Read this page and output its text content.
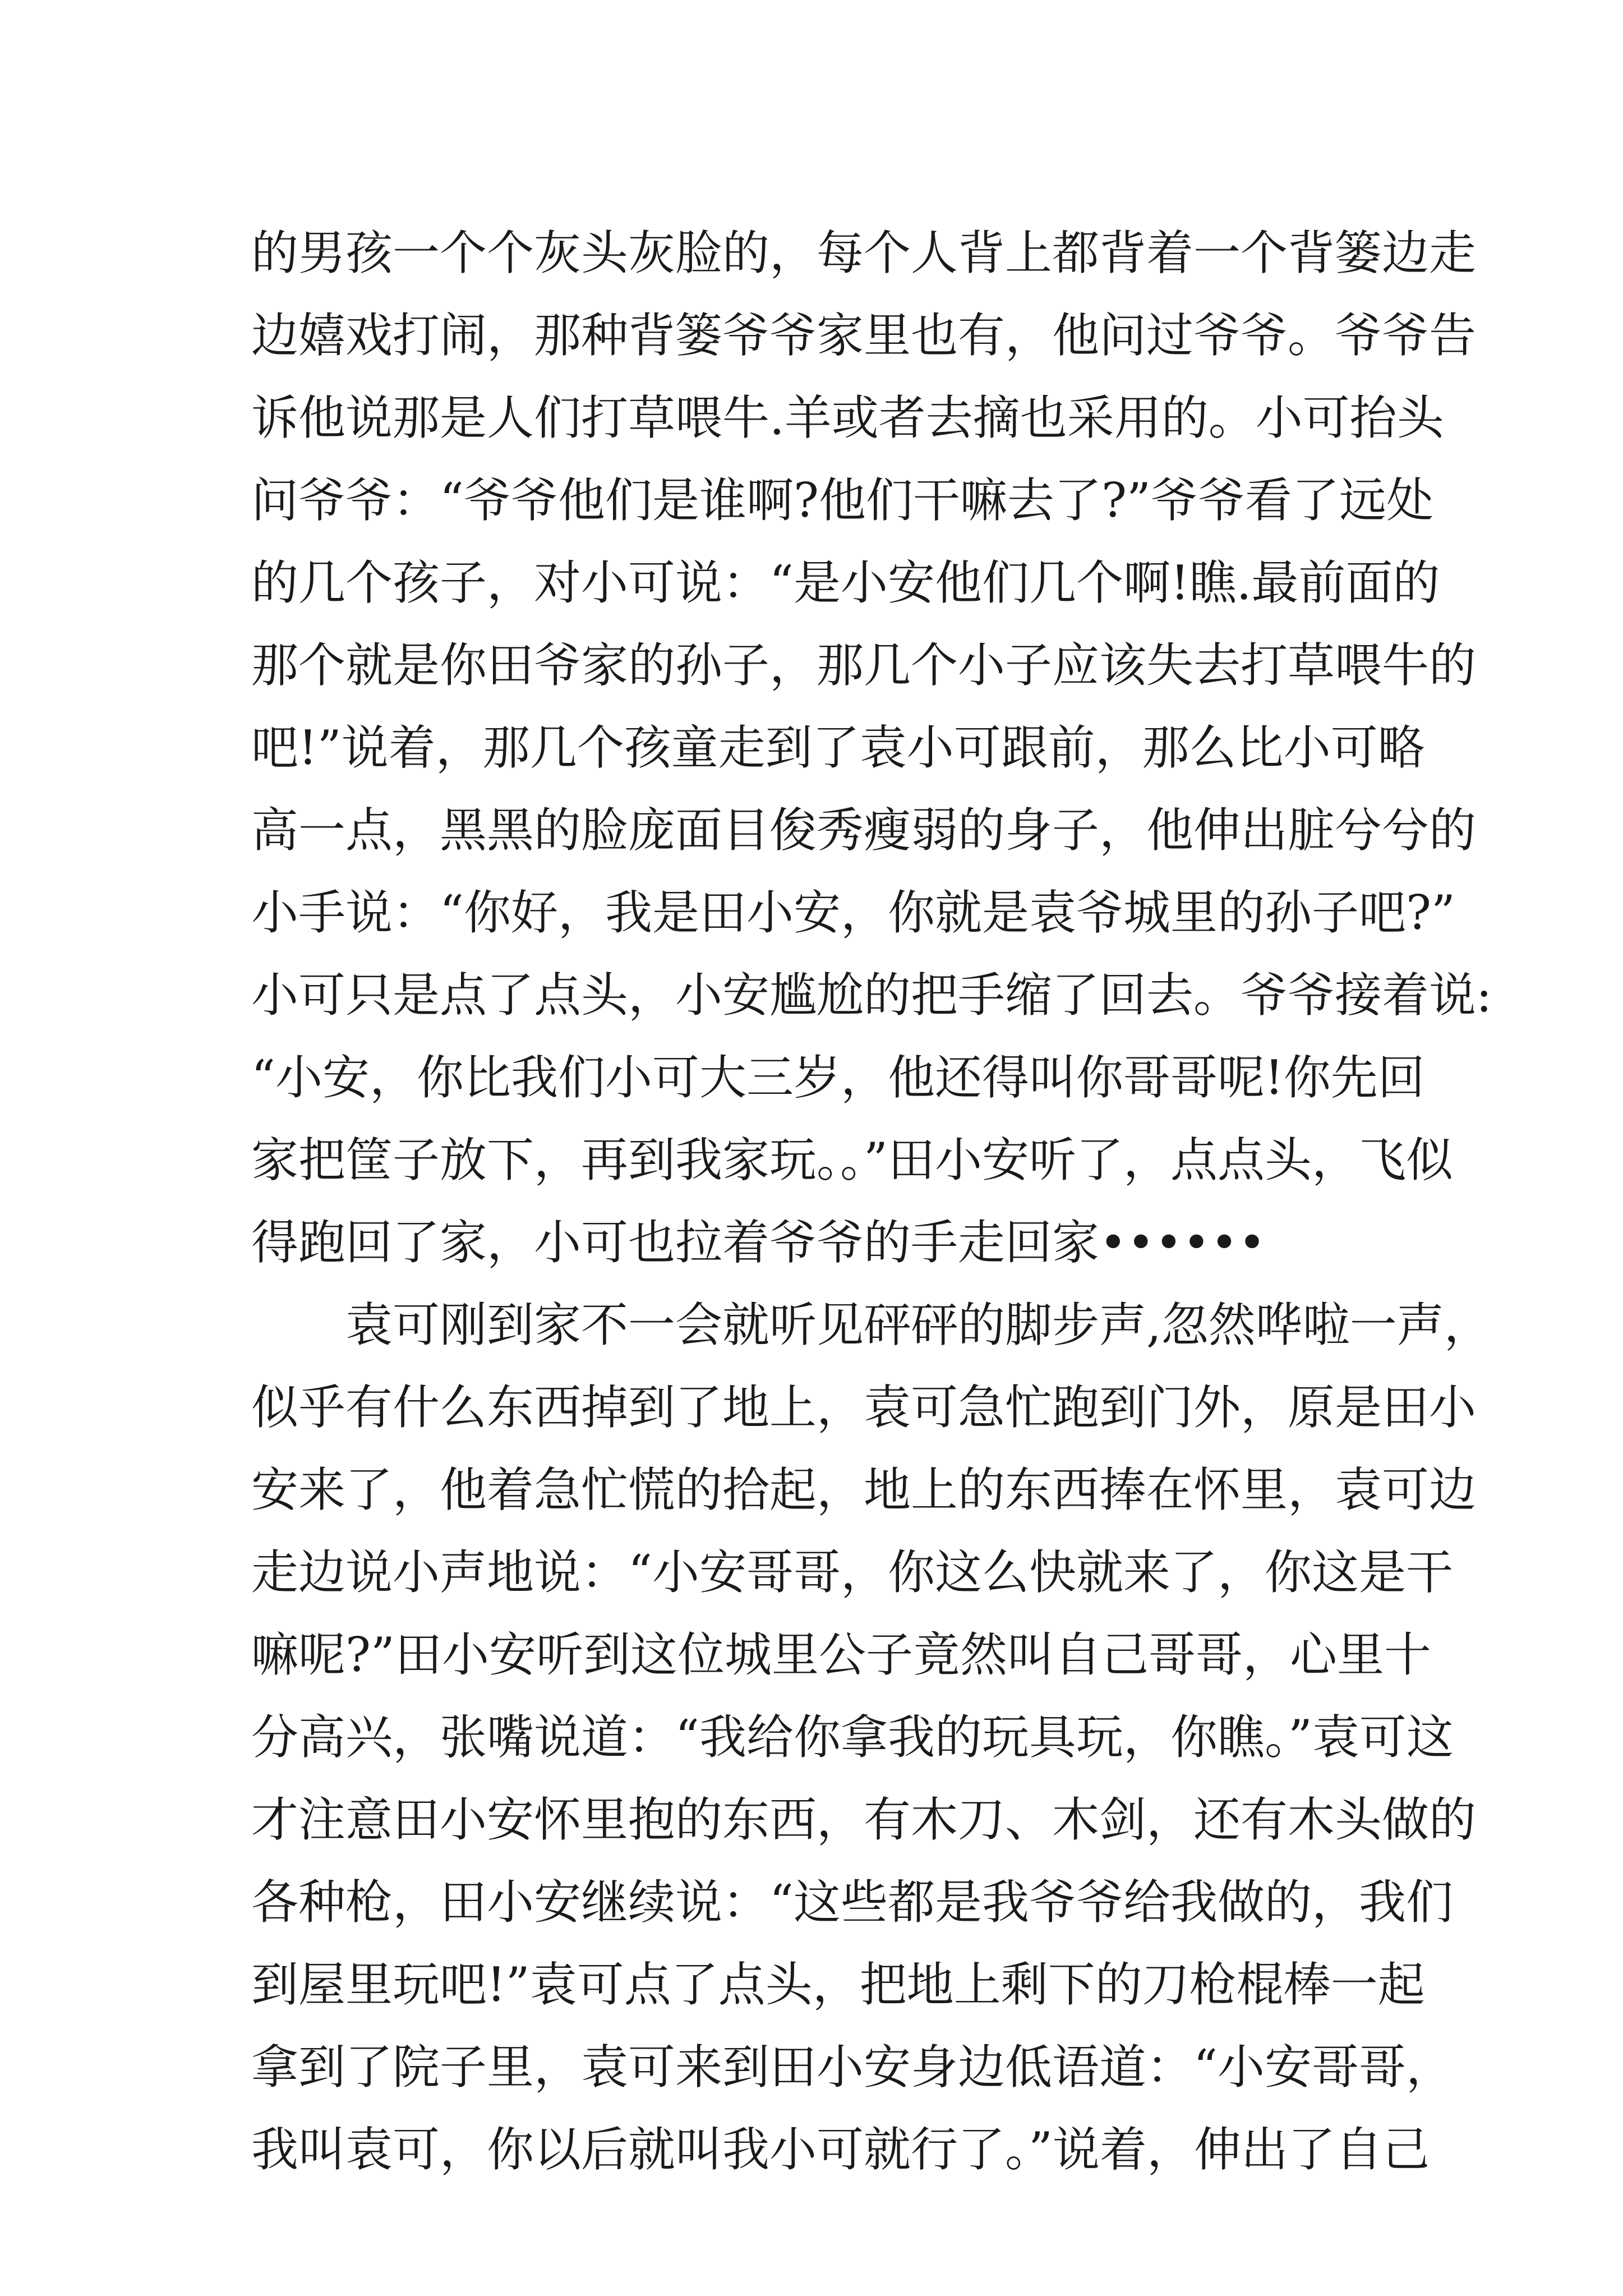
的男孩一个个灰头灰脸的，每个人背上都背着一个背篓边走
边嬉戏打闹，那种背篓爷爷家里也有，他问过爷爷。爷爷告
诉他说那是人们打草喂牛.羊或者去摘也采用的。小可抬头
问爷爷：“爷爷他们是谁啊?他们干嘛去了?”爷爷看了远处
的几个孩子，对小可说：“是小安他们几个啊!瞧.最前面的
那个就是你田爷家的孙子，那几个小子应该失去打草喂牛的
吧!”说着，那几个孩童走到了袁小可跟前，那么比小可略
高一点，黑黑的脸庞面目俊秀瘦弱的身子，他伸出脏兮兮的
小手说：“你好，我是田小安，你就是袁爷城里的孙子吧?”
小可只是点了点头，小安尴尬的把手缩了回去。爷爷接着说:
“小安，你比我们小可大三岁，他还得叫你哥哥呢!你先回
家把筐子放下，再到我家玩。。”田小安听了，点点头，飞似
得跑回了家，小可也拉着爷爷的手走回家••••••
袁可刚到家不一会就听见砰砰的脚步声,忽然哗啦一声，
似乎有什么东西掉到了地上，袁可急忙跑到门外，原是田小
安来了，他着急忙慌的拾起，地上的东西捧在怀里，袁可边
走边说小声地说：“小安哥哥，你这么快就来了，你这是干
嘛呢?”田小安听到这位城里公子竟然叫自己哥哥，心里十
分高兴，张嘴说道：“我给你拿我的玩具玩，你瞧。”袁可这
才注意田小安怀里抱的东西，有木刀、木剑，还有木头做的
各种枪，田小安继续说：“这些都是我爷爷给我做的，我们
到屋里玩吧!”袁可点了点头，把地上剩下的刀枪棍棒一起
拿到了院子里，袁可来到田小安身边低语道：“小安哥哥，
我叫袁可，你以后就叫我小可就行了。”说着，伸出了自己
